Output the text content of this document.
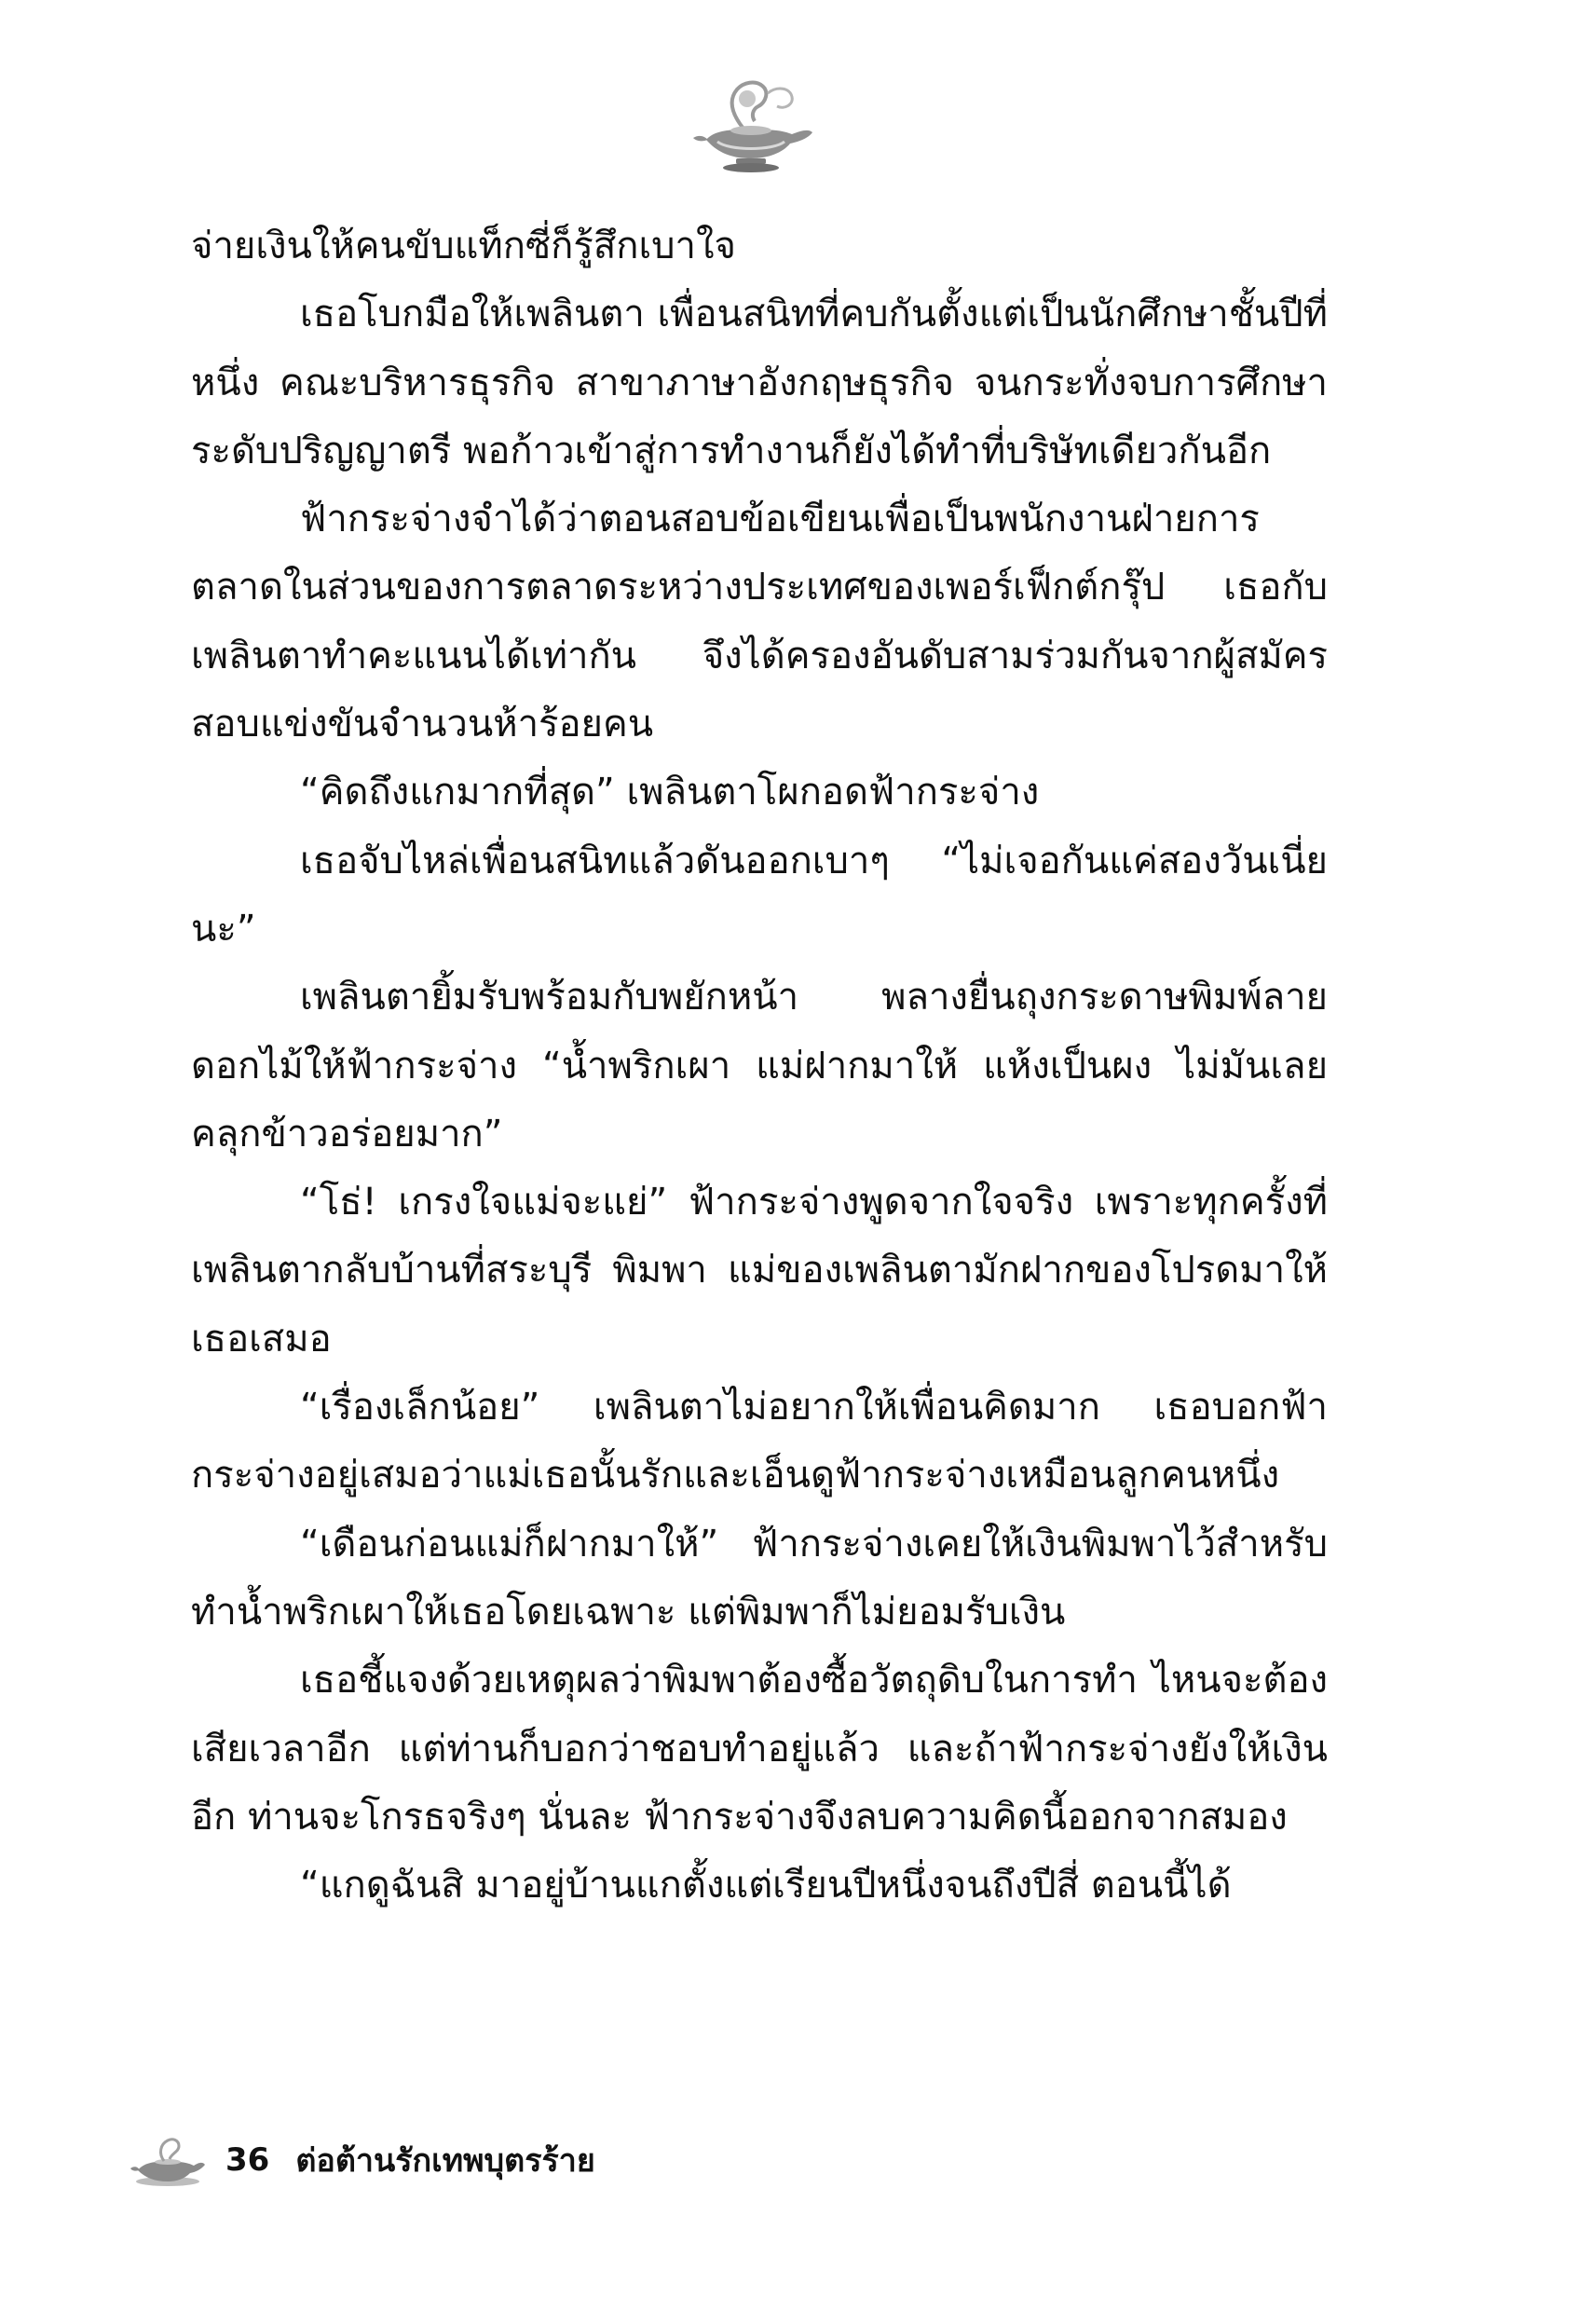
จ่ายเงินให้คนขับแท็กซี่ก็รู้สึกเบาใจ

เธอโบกมือให้เพลินตา เพื่อนสนิทที่คบกันตั้งแต่เป็นนักศึกษาชั้นปีที่หนึ่ง คณะบริหารธุรกิจ สาขาภาษาอังกฤษธุรกิจ จนกระทั่งจบการศึกษาระดับปริญญาตรี พอก้าวเข้าสู่การทำงานก็ยังได้ทำที่บริษัทเดียวกันอีก

ฟ้ากระจ่างจำได้ว่าตอนสอบข้อเขียนเพื่อเป็นพนักงานฝ่ายการตลาดในส่วนของการตลาดระหว่างประเทศของเพอร์เฟ็กต์กรุ๊ป เธอกับเพลินตาทำคะแนนได้เท่ากัน จึงได้ครองอันดับสามร่วมกันจากผู้สมัครสอบแข่งขันจำนวนห้าร้อยคน

“คิดถึงแกมากที่สุด” เพลินตาโผกอดฟ้ากระจ่าง

เธอจับไหล่เพื่อนสนิทแล้วดันออกเบาๆ “ไม่เจอกันแค่สองวันเนี่ยนะ”

เพลินตายิ้มรับพร้อมกับพยักหน้า พลางยื่นถุงกระดาษพิมพ์ลายดอกไม้ให้ฟ้ากระจ่าง “น้ำพริกเผา แม่ฝากมาให้ แห้งเป็นผง ไม่มันเลยคลุกข้าวอร่อยมาก”

“โธ่! เกรงใจแม่จะแย่” ฟ้ากระจ่างพูดจากใจจริง เพราะทุกครั้งที่เพลินตากลับบ้านที่สระบุรี พิมพา แม่ของเพลินตามักฝากของโปรดมาให้เธอเสมอ

“เรื่องเล็กน้อย” เพลินตาไม่อยากให้เพื่อนคิดมาก เธอบอกฟ้ากระจ่างอยู่เสมอว่าแม่เธอนั้นรักและเอ็นดูฟ้ากระจ่างเหมือนลูกคนหนึ่ง

“เดือนก่อนแม่ก็ฝากมาให้” ฟ้ากระจ่างเคยให้เงินพิมพาไว้สำหรับทำน้ำพริกเผาให้เธอโดยเฉพาะ แต่พิมพาก็ไม่ยอมรับเงิน

เธอชี้แจงด้วยเหตุผลว่าพิมพาต้องซื้อวัตถุดิบในการทำ ไหนจะต้องเสียเวลาอีก แต่ท่านก็บอกว่าชอบทำอยู่แล้ว และถ้าฟ้ากระจ่างยังให้เงินอีก ท่านจะโกรธจริงๆ นั่นละ ฟ้ากระจ่างจึงลบความคิดนี้ออกจากสมอง

“แกดูฉันสิ มาอยู่บ้านแกตั้งแต่เรียนปีหนึ่งจนถึงปีสี่ ตอนนี้ได้

36 ต่อต้านรักเทพบุตรร้าย
